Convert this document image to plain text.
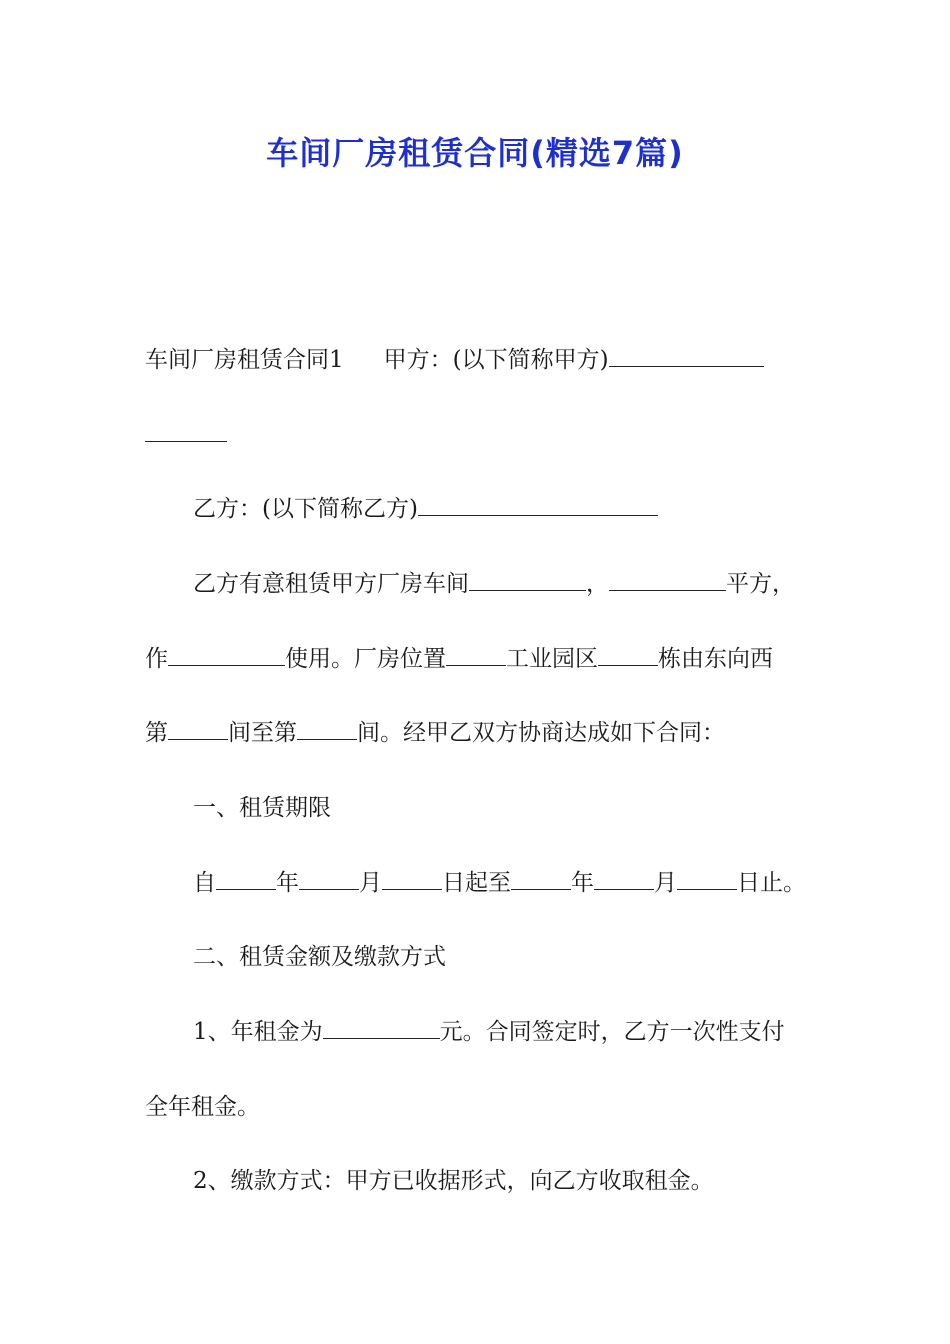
车间厂房租赁合同(精选7篇)

车间厂房租赁合同1 甲方：(以下简称甲方)

乙方：(以下简称乙方)

乙方有意租赁甲方厂房车间	，	平方，

作	使用。厂房位置	工业园区	栋由东向西

第	间至第	间。经甲乙双方协商达成如下合同：

一、租赁期限

自	年	月	日起至	年	月	日止。

二、租赁金额及缴款方式

1、年租金为	元。合同签定时，乙方一次性支付

全年租金。

2、缴款方式：甲方已收据形式，向乙方收取租金。
